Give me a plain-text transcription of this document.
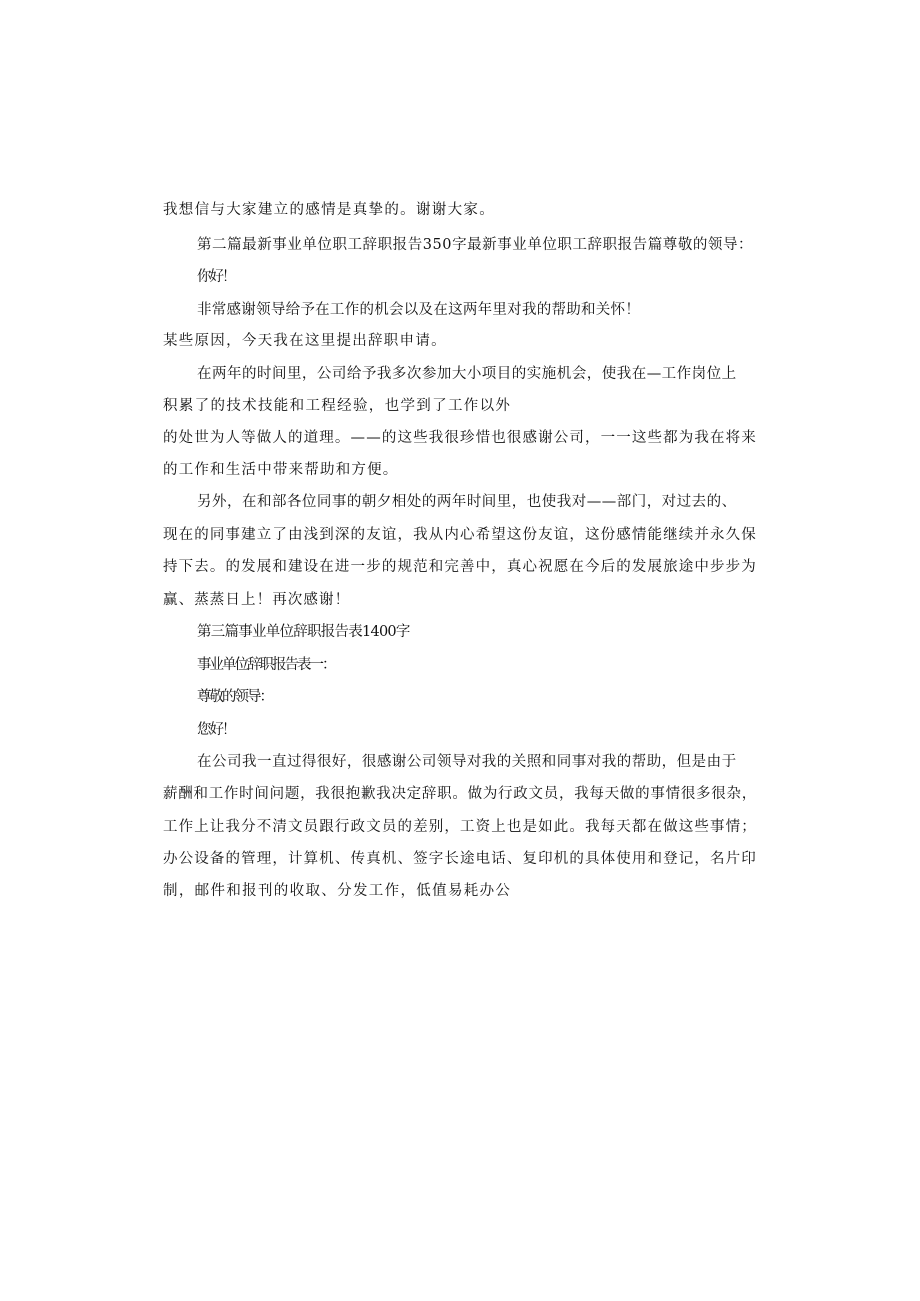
我想信与大家建立的感情是真挚的。谢谢大家。

第二篇最新事业单位职工辞职报告350字最新事业单位职工辞职报告篇尊敬的领导：

你好！

非常感谢领导给予在工作的机会以及在这两年里对我的帮助和关怀！

某些原因，今天我在这里提出辞职申请。

在两年的时间里，公司给予我多次参加大小项目的实施机会，使我在—工作岗位上

积累了的技术技能和工程经验，也学到了工作以外

的处世为人等做人的道理。——的这些我很珍惜也很感谢公司，一一这些都为我在将来

的工作和生活中带来帮助和方便。

另外，在和部各位同事的朝夕相处的两年时间里，也使我对——部门，对过去的、

现在的同事建立了由浅到深的友谊，我从内心希望这份友谊，这份感情能继续并永久保

持下去。的发展和建设在进一步的规范和完善中，真心祝愿在今后的发展旅途中步步为

赢、蒸蒸日上！再次感谢！

第三篇事业单位辞职报告表1400字

事业单位辞职报告表一：

尊敬的领导：

您好！

在公司我一直过得很好，很感谢公司领导对我的关照和同事对我的帮助，但是由于

薪酬和工作时间问题，我很抱歉我决定辞职。做为行政文员，我每天做的事情很多很杂，

工作上让我分不清文员跟行政文员的差别，工资上也是如此。我每天都在做这些事情；

办公设备的管理，计算机、传真机、签字长途电话、复印机的具体使用和登记，名片印

制，邮件和报刊的收取、分发工作，低值易耗办公
